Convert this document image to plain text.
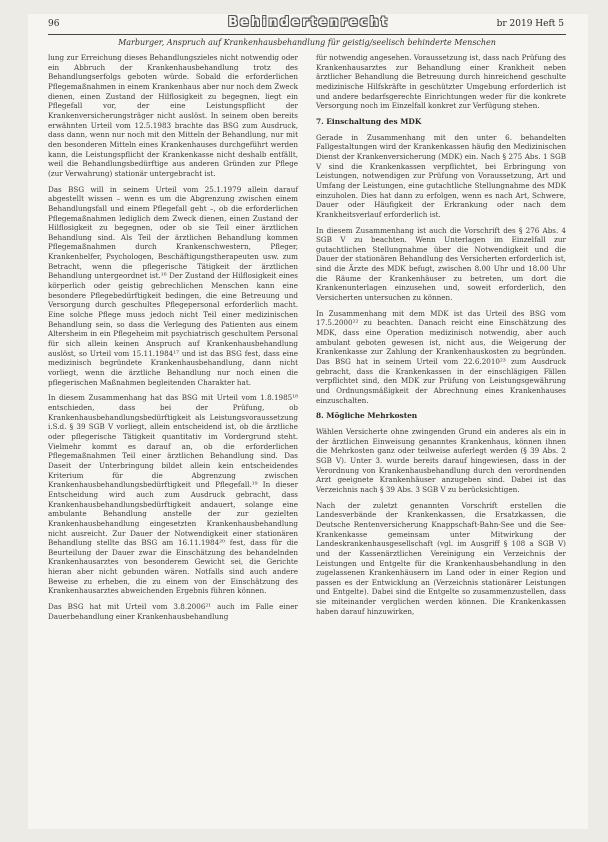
96	Behindertenrecht	br 2019 Heft 5
Marburger, Anspruch auf Krankenhausbehandlung für geistig/seelisch behinderte Menschen

lung zur Erreichung dieses Behandlungszieles nicht notwendig oder ein Abbruch der Krankenhausbehandlung trotz des Behandlungserfolgs geboten würde. Sobald die erforderlichen Pflegemaßnahmen in einem Krankenhaus aber nur noch dem Zweck dienen, einen Zustand der Hilflosigkeit zu begegnen, liegt ein Pflegefall vor, der eine Leistungspflicht der Krankenversicherungsträger nicht auslöst. In seinem oben bereits erwähnten Urteil vom 12.5.1983 brachte das BSG zum Ausdruck, dass dann, wenn nur noch mit den Mitteln der Behandlung, nur mit den besonderen Mitteln eines Krankenhauses durchgeführt werden kann, die Leistungspflicht der Krankenkasse nicht deshalb entfällt, weil die Behandlungsbedürftige aus anderen Gründen zur Pflege (zur Verwahrung) stationär untergebracht ist.

Das BSG will in seinem Urteil vom 25.1.1979 allein darauf abgestellt wissen – wenn es um die Abgrenzung zwischen einem Behandlungsfall und einem Pflegefall geht –, ob die erforderlichen Pflegemaßnahmen lediglich dem Zweck dienen, einen Zustand der Hilflosigkeit zu begegnen, oder ob sie Teil einer ärztlichen Behandlung sind. Als Teil der ärztlichen Behandlung kommen Pflegemaßnahmen durch Krankenschwestern, Pfleger, Krankenhelfer, Psychologen, Beschäftigungstherapeuten usw. zum Betracht, wenn die pflegerische Tätigkeit der ärztlichen Behandlung untergeordnet ist.¹⁶ Der Zustand der Hilflosigkeit eines körperlich oder geistig gebrechlichen Menschen kann eine besondere Pflegebedürftigkeit bedingen, die eine Betreuung und Versorgung durch geschultes Pflegepersonal erforderlich macht. Eine solche Pflege muss jedoch nicht Teil einer medizinischen Behandlung sein, so dass die Verlegung des Patienten aus einem Altersheim in ein Pflegeheim mit psychiatrisch geschultem Personal für sich allein keinen Anspruch auf Krankenhausbehandlung auslöst, so Urteil vom 15.11.1984¹⁷ und ist das BSG fest, dass eine medizinisch begründete Krankenhausbehandlung, dann nicht vorliegt, wenn die ärztliche Behandlung nur noch einen die pflegerischen Maßnahmen begleitenden Charakter hat.

In diesem Zusammenhang hat das BSG mit Urteil vom 1.8.1985¹⁸ entschieden, dass bei der Prüfung, ob Krankenhausbehandlungsbedürftigkeit als Leistungsvoraussetzung i.S.d. § 39 SGB V vorliegt, allein entscheidend ist, ob die ärztliche oder pflegerische Tätigkeit quantitativ im Vordergrund steht. Vielmehr kommt es darauf an, ob die erforderlichen Pflegemaßnahmen Teil einer ärztlichen Behandlung sind. Das Daseit der Unterbringung bildet allein kein entscheidendes Kriterium für die Abgrenzung zwischen Krankenhausbehandlungsbedürftigkeit und Pflegefall.¹⁹ In dieser Entscheidung wird auch zum Ausdruck gebracht, dass Krankenhausbehandlungsbedürftigkeit andauert, solange eine ambulante Behandlung anstelle der zur gezielten Krankenhausbehandlung eingesetzten Krankenhausbehandlung nicht ausreicht. Zur Dauer der Notwendigkeit einer stationären Behandlung stellte das BSG am 16.11.1984²⁰ fest, dass für die Beurteilung der Dauer zwar die Einschätzung des behandelnden Krankenhausarztes von besonderem Gewicht sei, die Gerichte hieran aber nicht gebunden wären. Notfalls sind auch andere Beweise zu erheben, die zu einem von der Einschätzung des Krankenhausarztes abweichenden Ergebnis führen können.

Das BSG hat mit Urteil vom 3.8.2006²¹ auch im Falle einer Dauerbehandlung einer Krankenhausbehandlung

für notwendig angesehen. Voraussetzung ist, dass nach Prüfung des Krankenhausarztes zur Behandlung einer Krankheit neben ärztlicher Behandlung die Betreuung durch hinreichend geschulte medizinische Hilfskräfte in geschützter Umgebung erforderlich ist und andere bedarfsgerechte Einrichtungen weder für die konkrete Versorgung noch im Einzelfall konkret zur Verfügung stehen.

7. Einschaltung des MDK

Gerade in Zusammenhang mit den unter 6. behandelten Fallgestaltungen wird der Krankenkassen häufig den Medizinischen Dienst der Krankenversicherung (MDK) ein. Nach § 275 Abs. 1 SGB V sind die Krankenkassen verpflichtet, bei Erbringung von Leistungen, notwendigen zur Prüfung von Voraussetzung, Art und Umfang der Leistungen, eine gutachtliche Stellungnahme des MDK einzuholen. Dies hat dann zu erfolgen, wenn es nach Art, Schwere, Dauer oder Häufigkeit der Erkrankung oder nach dem Krankheitsverlauf erforderlich ist.

In diesem Zusammenhang ist auch die Vorschrift des § 276 Abs. 4 SGB V zu beachten. Wenn Unterlagen im Einzelfall zur gutachtlichen Stellungnahme über die Notwendigkeit und die Dauer der stationären Behandlung des Versicherten erforderlich ist, sind die Ärzte des MDK befugt, zwischen 8.00 Uhr und 18.00 Uhr die Räume der Krankenhäuser zu betreten, um dort die Krankenunterlagen einzusehen und, soweit erforderlich, den Versicherten untersuchen zu können.

In Zusammenhang mit dem MDK ist das Urteil des BSG vom 17.5.2000²² zu beachten. Danach reicht eine Einschätzung des MDK, dass eine Operation medizinisch notwendig, aber auch ambulant geboten gewesen ist, nicht aus, die Weigerung der Krankenkasse zur Zahlung der Krankenhauskosten zu begründen. Das BSG hat in seinem Urteil vom 22.6.2010²³ zum Ausdruck gebracht, dass die Krankenkassen in der einschlägigen Fällen verpflichtet sind, den MDK zur Prüfung von Leistungsgewährung und Ordnungsmäßigkeit der Abrechnung eines Krankenhauses einzuschalten.

8. Mögliche Mehrkosten

Wählen Versicherte ohne zwingenden Grund ein anderes als ein in der ärztlichen Einweisung genanntes Krankenhaus, können ihnen die Mehrkosten ganz oder teilweise auferlegt werden (§ 39 Abs. 2 SGB V). Unter 3. wurde bereits darauf hingewiesen, dass in der Verordnung von Krankenhausbehandlung durch den verordnenden Arzt geeignete Krankenhäuser anzugeben sind. Dabei ist das Verzeichnis nach § 39 Abs. 3 SGB V zu berücksichtigen.

Nach der zuletzt genannten Vorschrift erstellen die Landesverbände der Krankenkassen, die Ersatzkassen, die Deutsche Rentenversicherung Knappschaft-Bahn-See und die See-Krankenkasse gemeinsam unter Mitwirkung der Landeskrankenhausgesellschaft (vgl. im Ausgriff § 108 a SGB V) und der Kassenärztlichen Vereinigung ein Verzeichnis der Leistungen und Entgelte für die Krankenhausbehandlung in den zugelassenen Krankenhäusern im Land oder in einer Region und passen es der Entwicklung an (Verzeichnis stationärer Leistungen und Entgelte). Dabei sind die Entgelte so zusammenzustellen, dass sie miteinander verglichen werden können. Die Krankenkassen haben darauf hinzuwirken,
